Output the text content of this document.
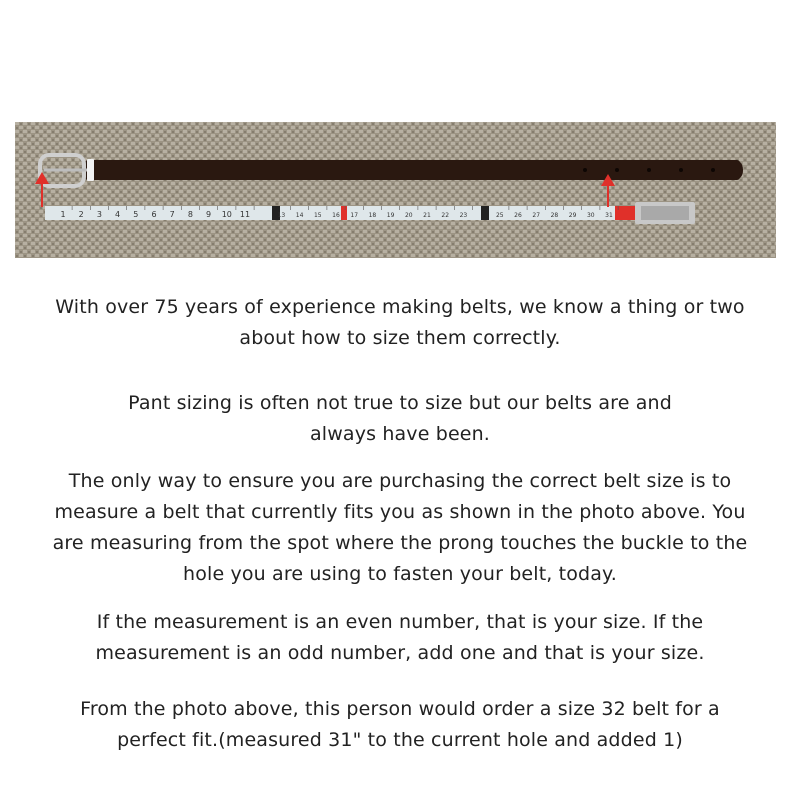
1 2 3 4 5 6 7 8 9 10 11	13 14 15 16 17 18 19 20 21 22 23	25 26 27 28 29 30 31

With over 75 years of experience making belts, we know a thing or two
about how to size them correctly.

Pant sizing is often not true to size but our belts are and
always have been.

The only way to ensure you are purchasing the correct belt size is to
measure a belt that currently fits you as shown in the photo above. You
are measuring from the spot where the prong touches the buckle to the
hole you are using to fasten your belt, today.

If the measurement is an even number, that is your size. If the
measurement is an odd number, add one and that is your size.

From the photo above, this person would order a size 32 belt for a
perfect fit.(measured 31" to the current hole and added 1)
